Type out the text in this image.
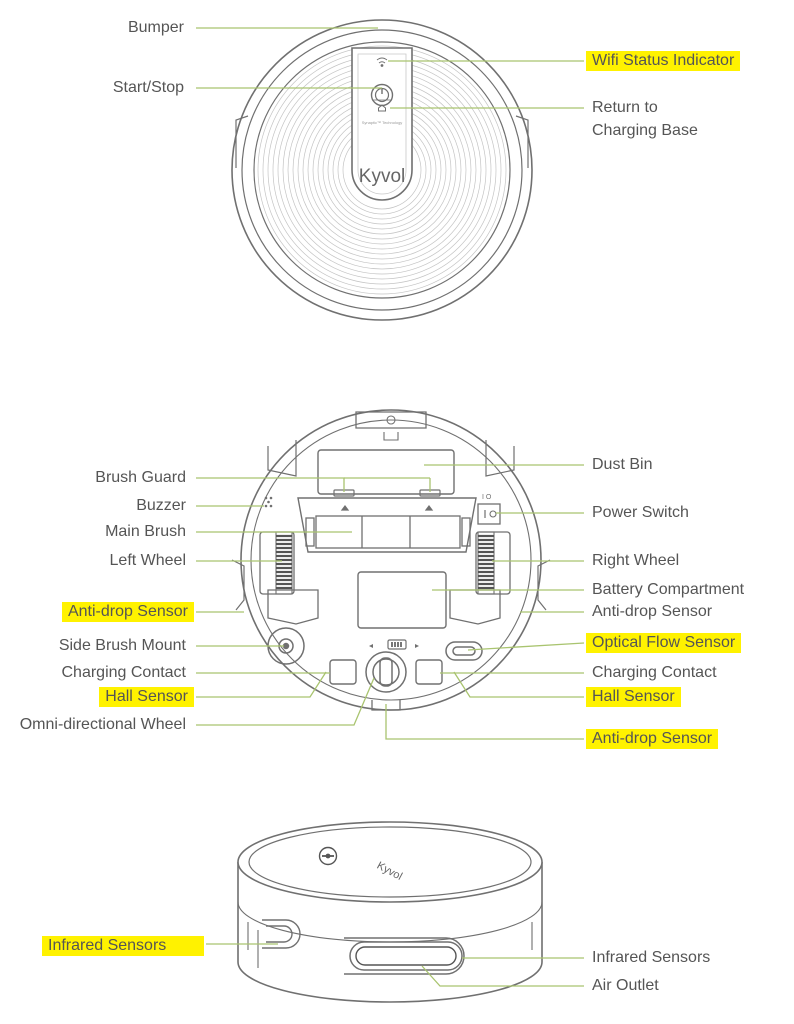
Synaptic™ Technology
Kyvol
I O
Kyvol
Bumper
Start/Stop
Wifi Status Indicator
Return to
Charging Base
Brush Guard
Buzzer
Main Brush
Left Wheel
Anti-drop Sensor
Side Brush Mount
Charging Contact
Hall Sensor
Omni-directional Wheel
Dust Bin
Power Switch
Right Wheel
Battery Compartment
Anti-drop Sensor
Optical Flow Sensor
Charging Contact
Hall Sensor
Anti-drop Sensor
Infrared Sensors
Infrared Sensors
Air Outlet
